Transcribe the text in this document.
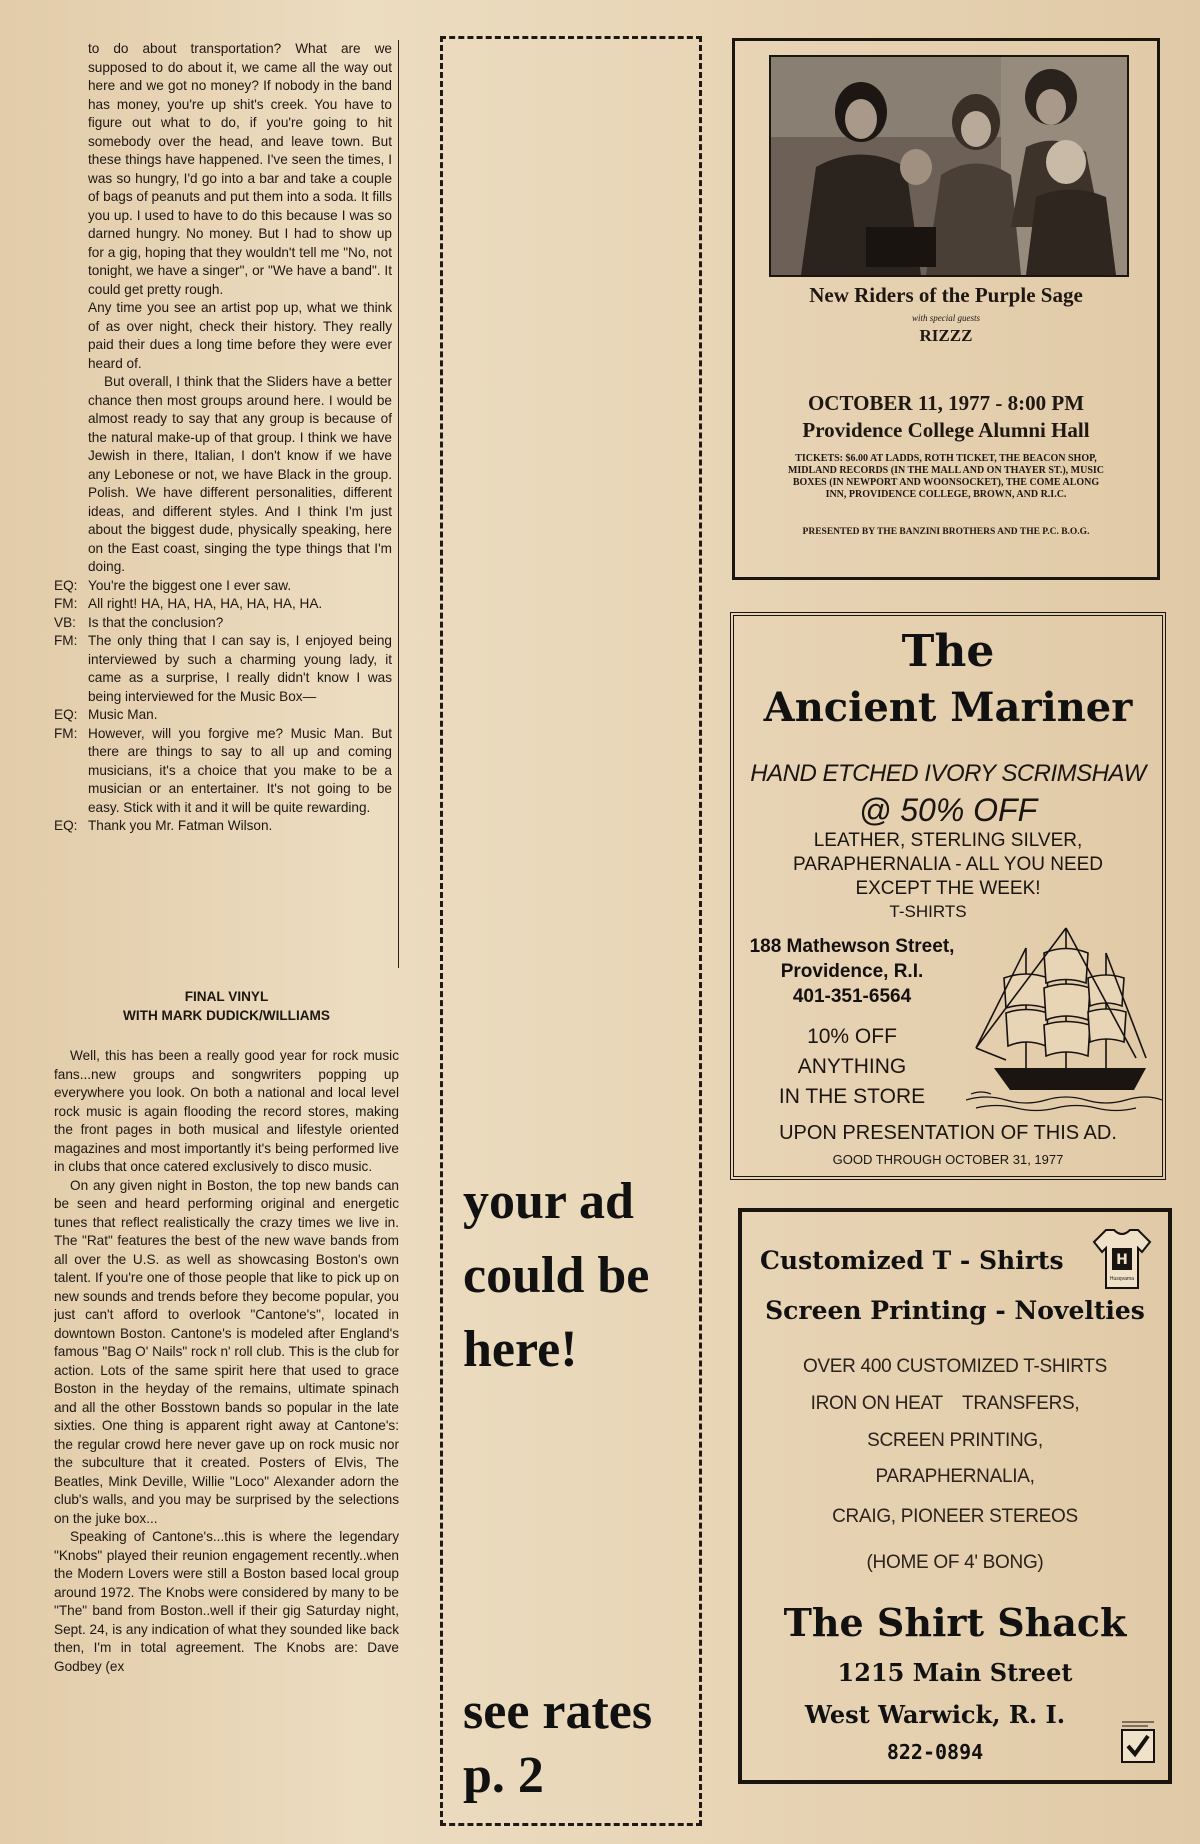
to do about transportation? What are we supposed to do about it, we came all the way out here and we got no money? If nobody in the band has money, you're up shit's creek. You have to figure out what to do, if you're going to hit somebody over the head, and leave town. But these things have happened. I've seen the times, I was so hungry, I'd go into a bar and take a couple of bags of peanuts and put them into a soda. It fills you up. I used to have to do this because I was so darned hungry. No money. But I had to show up for a gig, hoping that they wouldn't tell me "No, not tonight, we have a singer", or "We have a band". It could get pretty rough.

Any time you see an artist pop up, what we think of as over night, check their history. They really paid their dues a long time before they were ever heard of.

But overall, I think that the Sliders have a better chance then most groups around here. I would be almost ready to say that any group is because of the natural make-up of that group. I think we have Jewish in there, Italian, I don't know if we have any Lebonese or not, we have Black in the group. Polish. We have different personalities, different ideas, and different styles. And I think I'm just about the biggest dude, physically speaking, here on the East coast, singing the type things that I'm doing.

EQ: You're the biggest one I ever saw.
FM: All right! HA, HA, HA, HA, HA, HA, HA.
VB: Is that the conclusion?
FM: The only thing that I can say is, I enjoyed being interviewed by such a charming young lady, it came as a surprise, I really didn't know I was being interviewed for the Music Box—
EQ: Music Man.
FM: However, will you forgive me? Music Man. But there are things to say to all up and coming musicians, it's a choice that you make to be a musician or an entertainer. It's not going to be easy. Stick with it and it will be quite rewarding.
EQ: Thank you Mr. Fatman Wilson.
FINAL VINYL
WITH MARK DUDICK/WILLIAMS

Well, this has been a really good year for rock music fans...new groups and songwriters popping up everywhere you look. On both a national and local level rock music is again flooding the record stores, making the front pages in both musical and lifestyle oriented magazines and most importantly it's being performed live in clubs that once catered exclusively to disco music.

On any given night in Boston, the top new bands can be seen and heard performing original and energetic tunes that reflect realistically the crazy times we live in. The "Rat" features the best of the new wave bands from all over the U.S. as well as showcasing Boston's own talent. If you're one of those people that like to pick up on new sounds and trends before they become popular, you just can't afford to overlook "Cantone's", located in downtown Boston. Cantone's is modeled after England's famous "Bag O' Nails" rock n' roll club. This is the club for action. Lots of the same spirit here that used to grace Boston in the heyday of the remains, ultimate spinach and all the other Bosstown bands so popular in the late sixties. One thing is apparent right away at Cantone's: the regular crowd here never gave up on rock music nor the subculture that it created. Posters of Elvis, The Beatles, Mink Deville, Willie "Loco" Alexander adorn the club's walls, and you may be surprised by the selections on the juke box...

Speaking of Cantone's...this is where the legendary "Knobs" played their reunion engagement recently..when the Modern Lovers were still a Boston based local group around 1972. The Knobs were considered by many to be "The" band from Boston..well if their gig Saturday night, Sept. 24, is any indication of what they sounded like back then, I'm in total agreement. The Knobs are: Dave Godbey (ex

your ad
could be
here!
see rates
p. 2
New Riders of the Purple Sage
with special guests
RIZZZ
OCTOBER 11, 1977 - 8:00 PM
Providence College Alumni Hall
TICKETS: $6.00 AT LADDS, ROTH TICKET, THE BEACON SHOP, MIDLAND RECORDS (IN THE MALL AND ON THAYER ST.), MUSIC BOXES (IN NEWPORT AND WOONSOCKET), THE COME ALONG INN, PROVIDENCE COLLEGE, BROWN, AND R.I.C.
PRESENTED BY THE BANZINI BROTHERS AND THE P.C. B.O.G.
The
Ancient Mariner
HAND ETCHED IVORY SCRIMSHAW
@ 50% OFF
LEATHER, STERLING SILVER,
PARAPHERNALIA - ALL YOU NEED
EXCEPT THE WEEK!
T-SHIRTS
188 Mathewson Street,
Providence, R.I.
401-351-6564
10% OFF
ANYTHING
IN THE STORE
UPON PRESENTATION OF THIS AD.
GOOD THROUGH OCTOBER 31, 1977
Customized T - Shirts	H
Husqvarna
Screen Printing - Novelties
OVER 400 CUSTOMIZED T-SHIRTS
IRON ON HEAT    TRANSFERS,
SCREEN PRINTING,
PARAPHERNALIA,
CRAIG, PIONEER STEREOS
(HOME OF 4' BONG)
The Shirt Shack
1215 Main Street
West Warwick, R. I.
822-0894
